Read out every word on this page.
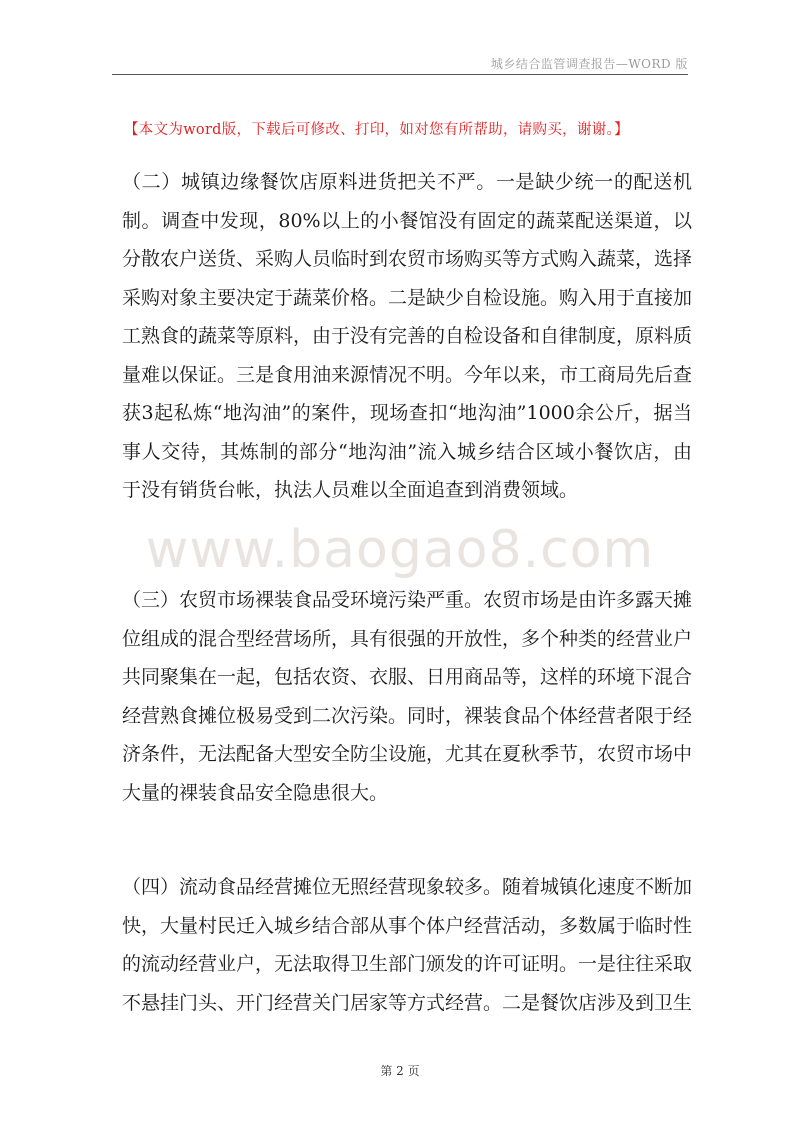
城乡结合监管调查报告—WORD 版
【本文为word版，下载后可修改、打印，如对您有所帮助，请购买，谢谢。】

（二）城镇边缘餐饮店原料进货把关不严。一是缺少统一的配送机制。调查中发现，80%以上的小餐馆没有固定的蔬菜配送渠道，以分散农户送货、采购人员临时到农贸市场购买等方式购入蔬菜，选择采购对象主要决定于蔬菜价格。二是缺少自检设施。购入用于直接加工熟食的蔬菜等原料，由于没有完善的自检设备和自律制度，原料质量难以保证。三是食用油来源情况不明。今年以来，市工商局先后查获3起私炼“地沟油”的案件，现场查扣“地沟油”1000余公斤，据当事人交待，其炼制的部分“地沟油”流入城乡结合区域小餐饮店，由于没有销货台帐，执法人员难以全面追查到消费领域。

www.baogao8.com

（三）农贸市场裸装食品受环境污染严重。农贸市场是由许多露天摊位组成的混合型经营场所，具有很强的开放性，多个种类的经营业户共同聚集在一起，包括农资、衣服、日用商品等，这样的环境下混合经营熟食摊位极易受到二次污染。同时，裸装食品个体经营者限于经济条件，无法配备大型安全防尘设施，尤其在夏秋季节，农贸市场中大量的裸装食品安全隐患很大。

（四）流动食品经营摊位无照经营现象较多。随着城镇化速度不断加快，大量村民迁入城乡结合部从事个体户经营活动，多数属于临时性的流动经营业户，无法取得卫生部门颁发的许可证明。一是往往采取不悬挂门头、开门经营关门居家等方式经营。二是餐饮店涉及到卫生

第 2 页
